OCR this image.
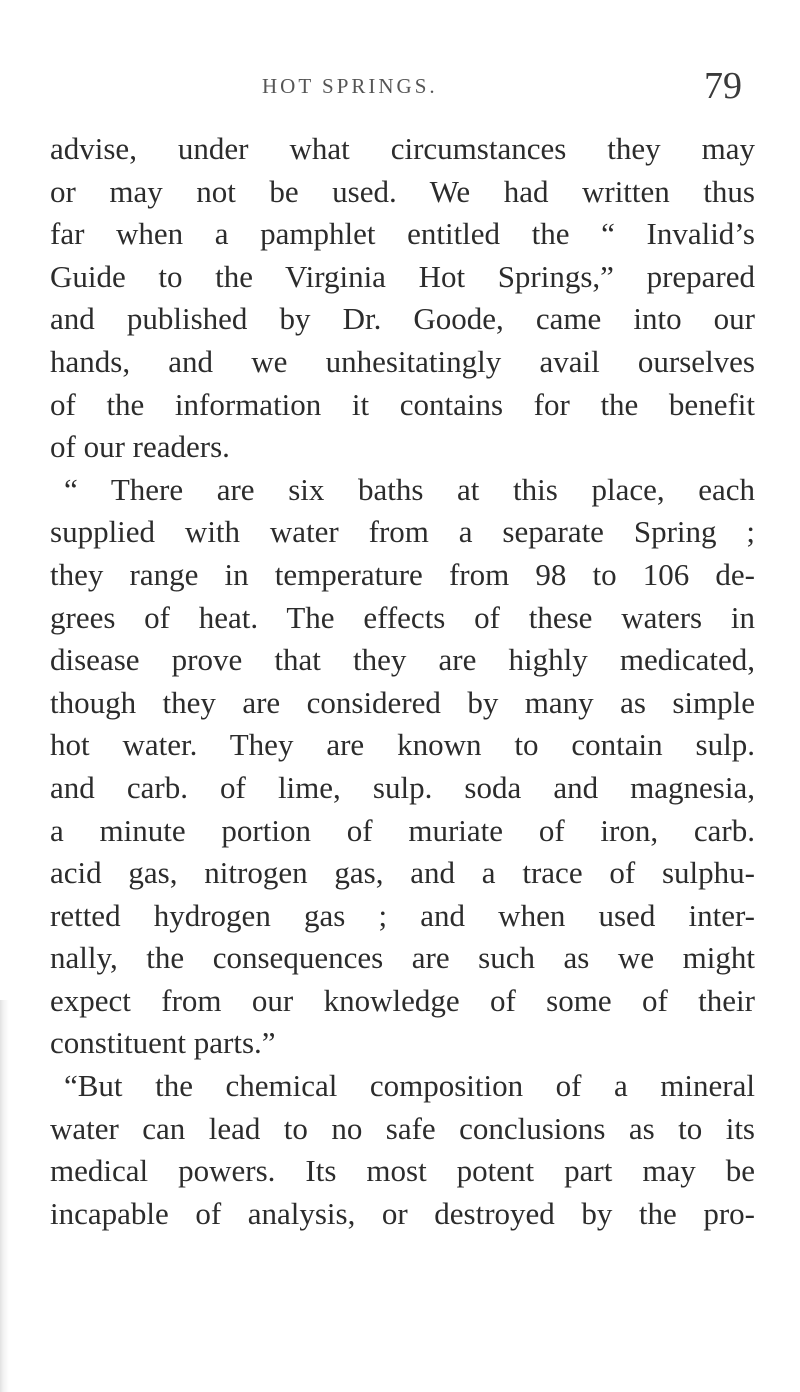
HOT SPRINGS.	79
advise, under what circumstances they may
or may not be used. We had written thus
far when a pamphlet entitled the “ Invalid’s
Guide to the Virginia Hot Springs,” prepared
and published by Dr. Goode, came into our
hands, and we unhesitatingly avail ourselves
of the information it contains for the benefit
of our readers.
“ There are six baths at this place, each
supplied with water from a separate Spring ;
they range in temperature from 98 to 106 de-
grees of heat. The effects of these waters in
disease prove that they are highly medicated,
though they are considered by many as simple
hot water. They are known to contain sulp.
and carb. of lime, sulp. soda and magnesia,
a minute portion of muriate of iron, carb.
acid gas, nitrogen gas, and a trace of sulphu-
retted hydrogen gas ; and when used inter-
nally, the consequences are such as we might
expect from our knowledge of some of their
constituent parts.”
“But the chemical composition of a mineral
water can lead to no safe conclusions as to its
medical powers. Its most potent part may be
incapable of analysis, or destroyed by the pro-
